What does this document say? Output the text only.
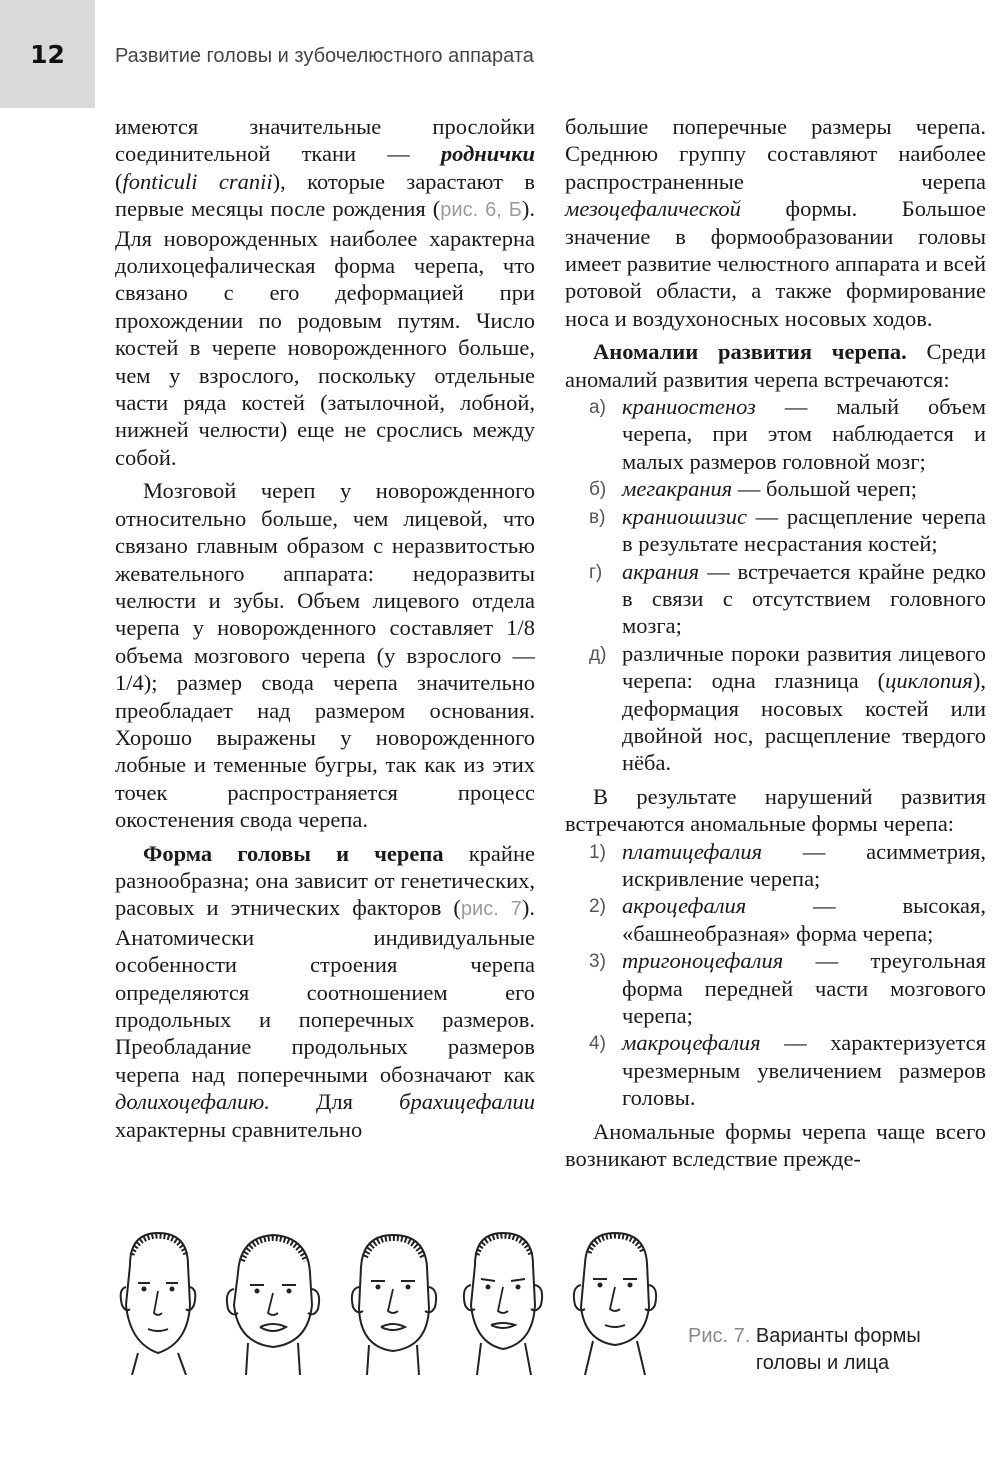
12	Развитие головы и зубочелюстного аппарата

имеются значительные прослойки соединительной ткани — роднички (fonticuli cranii), которые зарастают в первые месяцы после рождения (рис. 6, Б). Для новорожденных наиболее характерна долихоцефалическая форма черепа, что связано с его деформацией при прохождении по родовым путям. Число костей в черепе новорожденного больше, чем у взрослого, поскольку отдельные части ряда костей (затылочной, лобной, нижней челюсти) еще не срослись между собой.

Мозговой череп у новорожденного относительно больше, чем лицевой, что связано главным образом с неразвитостью жевательного аппарата: недоразвиты челюсти и зубы. Объем лицевого отдела черепа у новорожденного составляет 1/8 объема мозгового черепа (у взрослого — 1/4); размер свода черепа значительно преобладает над размером основания. Хорошо выражены у новорожденного лобные и теменные бугры, так как из этих точек распространяется процесс окостенения свода черепа.

Форма головы и черепа крайне разнообразна; она зависит от генетических, расовых и этнических факторов (рис. 7). Анатомически индивидуальные особенности строения черепа определяются соотношением его продольных и поперечных размеров. Преобладание продольных размеров черепа над поперечными обозначают как долихоцефалию. Для брахицефалии характерны сравнительно

большие поперечные размеры черепа. Среднюю группу составляют наиболее распространенные черепа мезоцефалической формы. Большое значение в формообразовании головы имеет развитие челюстного аппарата и всей ротовой области, а также формирование носа и воздухоносных носовых ходов.

Аномалии развития черепа. Среди аномалий развития черепа встречаются:

а) краниостеноз — малый объем черепа, при этом наблюдается и малых размеров головной мозг;
б) мегакрания — большой череп;
в) краниошизис — расщепление черепа в результате несрастания костей;
г) акрания — встречается крайне редко в связи с отсутствием головного мозга;
д) различные пороки развития лицевого черепа: одна глазница (циклопия), деформация носовых костей или двойной нос, расщепление твердого нёба.

В результате нарушений развития встречаются аномальные формы черепа:

1) платицефалия — асимметрия, искривление черепа;
2) акроцефалия — высокая, «башнеобразная» форма черепа;
3) тригоноцефалия — треугольная форма передней части мозгового черепа;
4) макроцефалия — характеризуется чрезмерным увеличением размеров головы.

Аномальные формы черепа чаще всего возникают вследствие преждe-

Рис. 7. Варианты формы головы и лица
